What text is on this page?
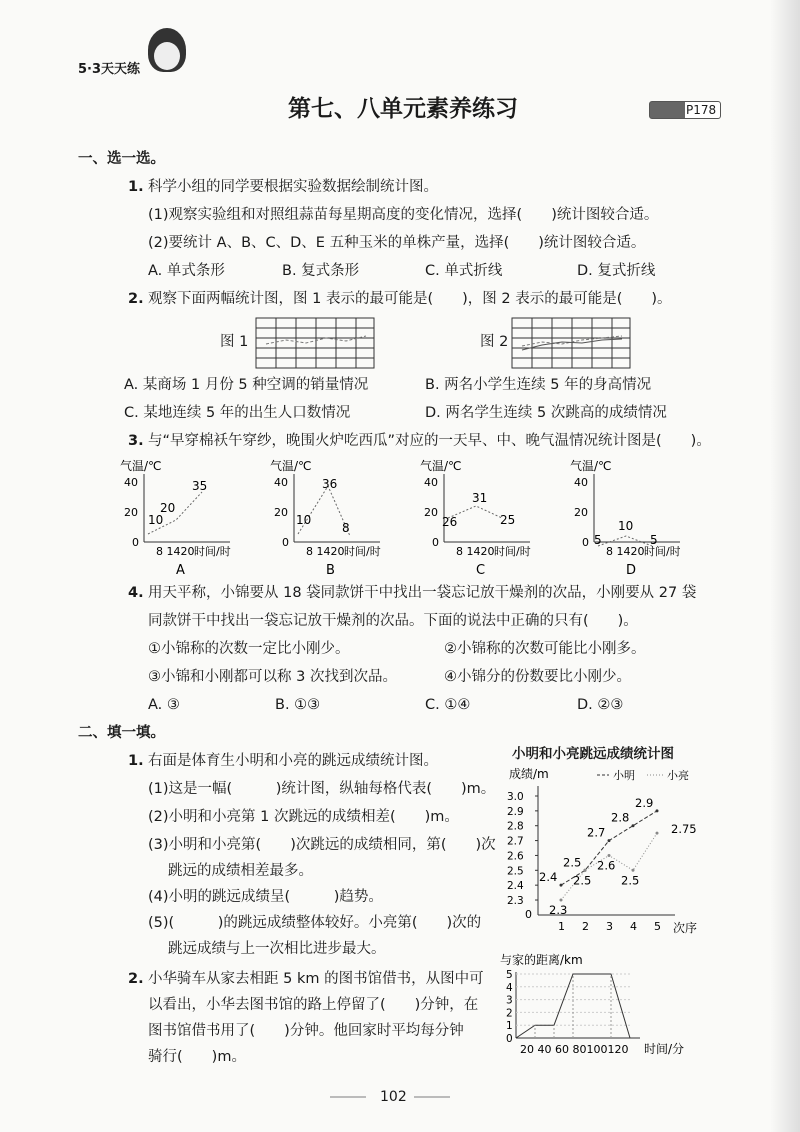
5·3天天练
第七、八单元素养练习	P178
一、选一选。
1. 科学小组的同学要根据实验数据绘制统计图。
(1)观察实验组和对照组蒜苗每星期高度的变化情况，选择(　　)统计图较合适。
(2)要统计 A、B、C、D、E 五种玉米的单株产量，选择(　　)统计图较合适。
A. 单式条形	B. 复式条形	C. 单式折线	D. 复式折线
2. 观察下面两幅统计图，图 1 表示的最可能是(　　)，图 2 表示的最可能是(　　)。
图 1	图 2
A. 某商场 1 月份 5 种空调的销量情况	B. 两名小学生连续 5 年的身高情况
C. 某地连续 5 年的出生人口数情况	D. 两名学生连续 5 次跳高的成绩情况
3. 与“早穿棉袄午穿纱，晚围火炉吃西瓜”对应的一天早、中、晚气温情况统计图是(　　)。
气温/℃
40
20
0
8 1420 时间/时
10
20
35
A
气温/℃
40
20
0
8 1420 时间/时
10
36
8
B
气温/℃
40
20
0
8 1420 时间/时
26
31
25
C
气温/℃
40
20
0
8 1420 时间/时
5
10
5
D
4. 用天平称，小锦要从 18 袋同款饼干中找出一袋忘记放干燥剂的次品，小刚要从 27 袋
同款饼干中找出一袋忘记放干燥剂的次品。下面的说法中正确的只有(　　)。
①小锦称的次数一定比小刚少。	②小锦称的次数可能比小刚多。
③小锦和小刚都可以称 3 次找到次品。	④小锦分的份数要比小刚少。
A. ③	B. ①③	C. ①④	D. ②③
二、填一填。
1. 右面是体育生小明和小亮的跳远成绩统计图。
(1)这是一幅(　　　)统计图，纵轴每格代表(　　)m。
(2)小明和小亮第 1 次跳远的成绩相差(　　)m。
(3)小明和小亮第(　　)次跳远的成绩相同，第(　　)次
跳远的成绩相差最多。
(4)小明的跳远成绩呈(　　　)趋势。
(5)(　　　)的跳远成绩整体较好。小亮第(　　)次的
跳远成绩与上一次相比进步最大。
2. 小华骑车从家去相距 5 km 的图书馆借书，从图中可
以看出，小华去图书馆的路上停留了(　　)分钟，在
图书馆借书用了(　　)分钟。他回家时平均每分钟
骑行(　　)m。
小明和小亮跳远成绩统计图
成绩/m	小明	小亮
0
次序
3.0
2.9
2.8
2.7
2.6
2.5
2.4
2.3
1 2 3 4 5
2.4
2.5
2.7
2.8
2.9
2.3
2.5
2.6
2.5
2.75
与家的距离/km
20 40 60 80100120 时间/分
5
4
3
2
1
0
102
